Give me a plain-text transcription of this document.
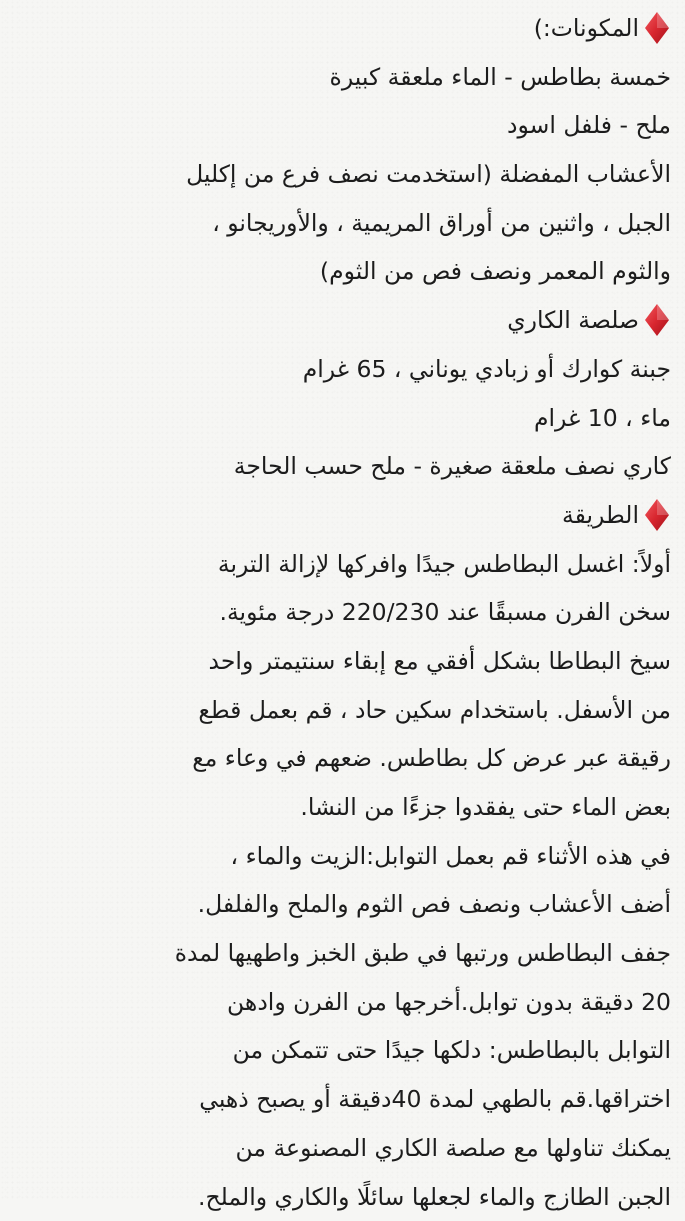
المكونات:)
خمسة بطاطس - الماء ملعقة كبيرة
ملح - فلفل اسود
الأعشاب المفضلة (استخدمت نصف فرع من إكليل
الجبل ، واثنين من أوراق المريمية ، والأوريجانو ،
والثوم المعمر ونصف فص من الثوم)
صلصة الكاري
جبنة كوارك أو زبادي يوناني ، 65 غرام
ماء ، 10 غرام
كاري نصف ملعقة صغيرة - ملح حسب الحاجة
الطريقة
أولاً: اغسل البطاطس جيدًا وافركها لإزالة التربة
سخن الفرن مسبقًا عند 220/230 درجة مئوية.
سيخ البطاطا بشكل أفقي مع إبقاء سنتيمتر واحد
من الأسفل. باستخدام سكين حاد ، قم بعمل قطع
رقيقة عبر عرض كل بطاطس. ضعهم في وعاء مع
بعض الماء حتى يفقدوا جزءًا من النشا.
في هذه الأثناء قم بعمل التوابل:الزيت والماء ،
أضف الأعشاب ونصف فص الثوم والملح والفلفل.
جفف البطاطس ورتبها في طبق الخبز واطهيها لمدة
20 دقيقة بدون توابل.أخرجها من الفرن وادهن
التوابل بالبطاطس: دلكها جيدًا حتى تتمكن من
اختراقها.قم بالطهي لمدة 40دقيقة أو يصبح ذهبي
يمكنك تناولها مع صلصة الكاري المصنوعة من
الجبن الطازج والماء لجعلها سائلًا والكاري والملح.
